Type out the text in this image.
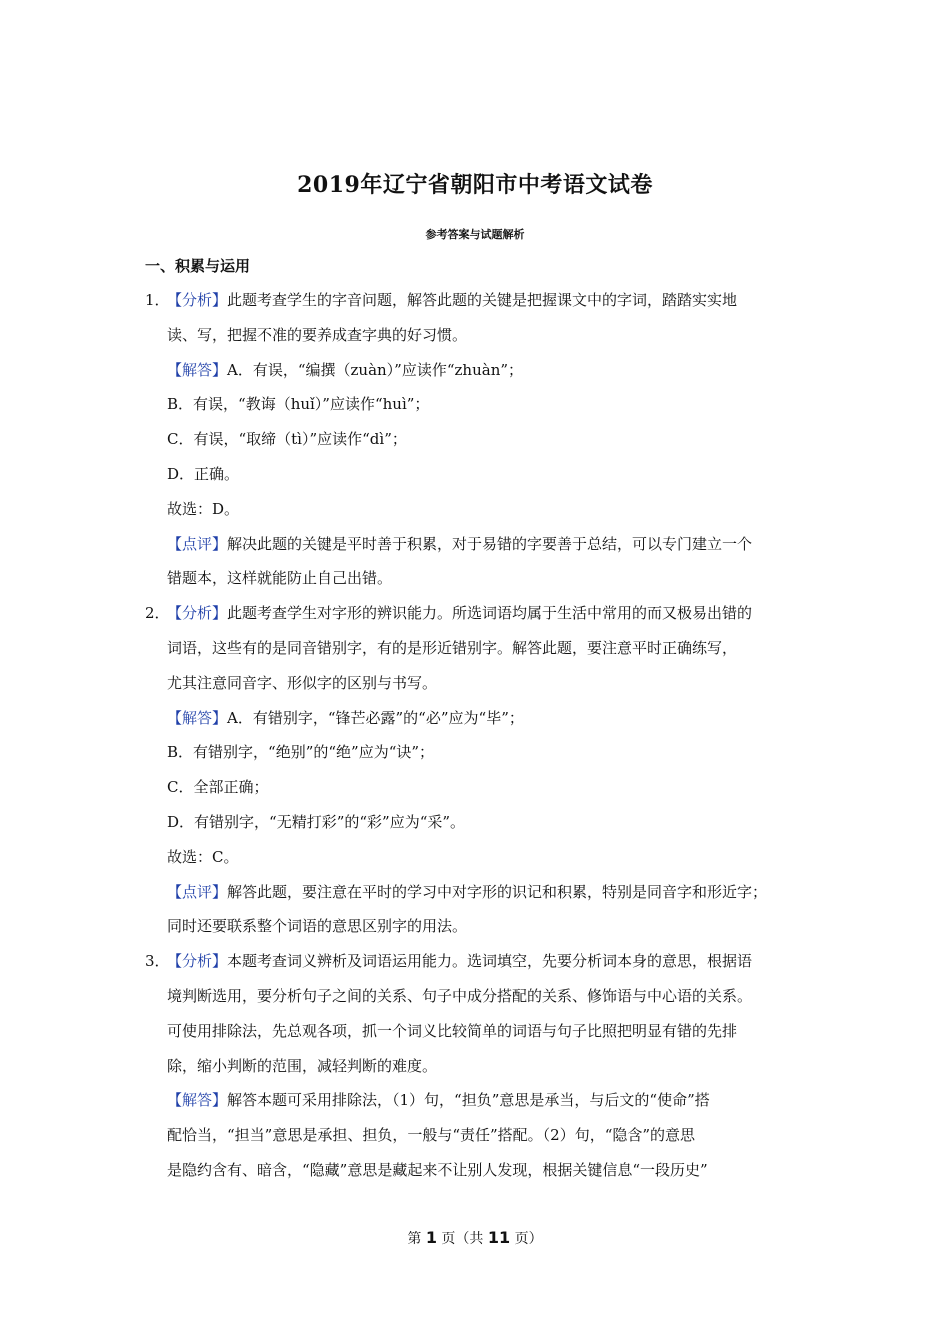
2019年辽宁省朝阳市中考语文试卷
参考答案与试题解析
一、积累与运用
1．【分析】此题考查学生的字音问题，解答此题的关键是把握课文中的字词，踏踏实实地
读、写，把握不准的要养成查字典的好习惯。
【解答】A．有误，“编撰（zuàn）”应读作“zhuàn”；
B．有误，“教诲（huǐ）”应读作“huì”；
C．有误，“取缔（tì）”应读作“dì”；
D．正确。
故选：D。
【点评】解决此题的关键是平时善于积累，对于易错的字要善于总结，可以专门建立一个
错题本，这样就能防止自己出错。
2．【分析】此题考查学生对字形的辨识能力。所选词语均属于生活中常用的而又极易出错的
词语，这些有的是同音错别字，有的是形近错别字。解答此题，要注意平时正确练写，
尤其注意同音字、形似字的区别与书写。
【解答】A．有错别字，“锋芒必露”的“必”应为“毕”；
B．有错别字，“绝别”的“绝”应为“诀”；
C．全部正确；
D．有错别字，“无精打彩”的“彩”应为“采”。
故选：C。
【点评】解答此题，要注意在平时的学习中对字形的识记和积累，特别是同音字和形近字；
同时还要联系整个词语的意思区别字的用法。
3．【分析】本题考查词义辨析及词语运用能力。选词填空，先要分析词本身的意思，根据语
境判断选用，要分析句子之间的关系、句子中成分搭配的关系、修饰语与中心语的关系。
可使用排除法，先总观各项，抓一个词义比较简单的词语与句子比照把明显有错的先排
除，缩小判断的范围，减轻判断的难度。
【解答】解答本题可采用排除法，（1）句，“担负”意思是承当，与后文的“使命”搭
配恰当，“担当”意思是承担、担负，一般与“责任”搭配。（2）句，“隐含”的意思
是隐约含有、暗含，“隐藏”意思是藏起来不让别人发现，根据关键信息“一段历史”
第 1 页（共 11 页）
